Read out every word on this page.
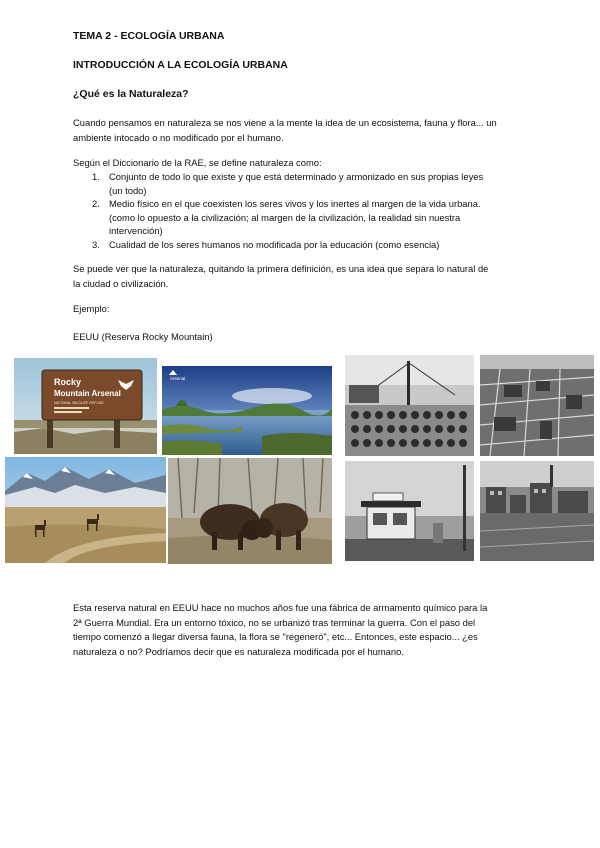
TEMA 2 - ECOLOGÍA URBANA
INTRODUCCIÓN A LA ECOLOGÍA URBANA
¿Qué es la Naturaleza?
Cuando pensamos en naturaleza se nos viene a la mente la idea de un ecosistema, fauna y flora... un
ambiente intocado o no modificado por el humano.
Según el Diccionario de la RAE, se define naturaleza como:
1. Conjunto de todo lo que existe y que está determinado y armonizado en sus propias leyes
(un todo)
2. Medio físico en el que coexisten los seres vivos y los inertes al margen de la vida urbana.
(como lo opuesto a la civilización; al margen de la civilización, la realidad sin nuestra
intervención)
3. Cualidad de los seres humanos no modificada por la educación (como esencia)
Se puede ver que la naturaleza, quitando la primera definición, es una idea que separa lo natural de
la ciudad o civilización.
Ejemplo:
EEUU (Reserva Rocky Mountain)
Rocky
Mountain Arsenal
NATIONAL WILDLIFE REFUGE
Arsenal
Esta reserva natural en EEUU hace no muchos años fue una fábrica de armamento químico para la
2ª Guerra Mundial. Era un entorno tóxico, no se urbanizó tras terminar la guerra. Con el paso del
tiempo comenzó a llegar diversa fauna, la flora se "regeneró", etc... Entonces, este espacio... ¿es
naturaleza o no? Podríamos decir que es naturaleza modificada por el humano.
